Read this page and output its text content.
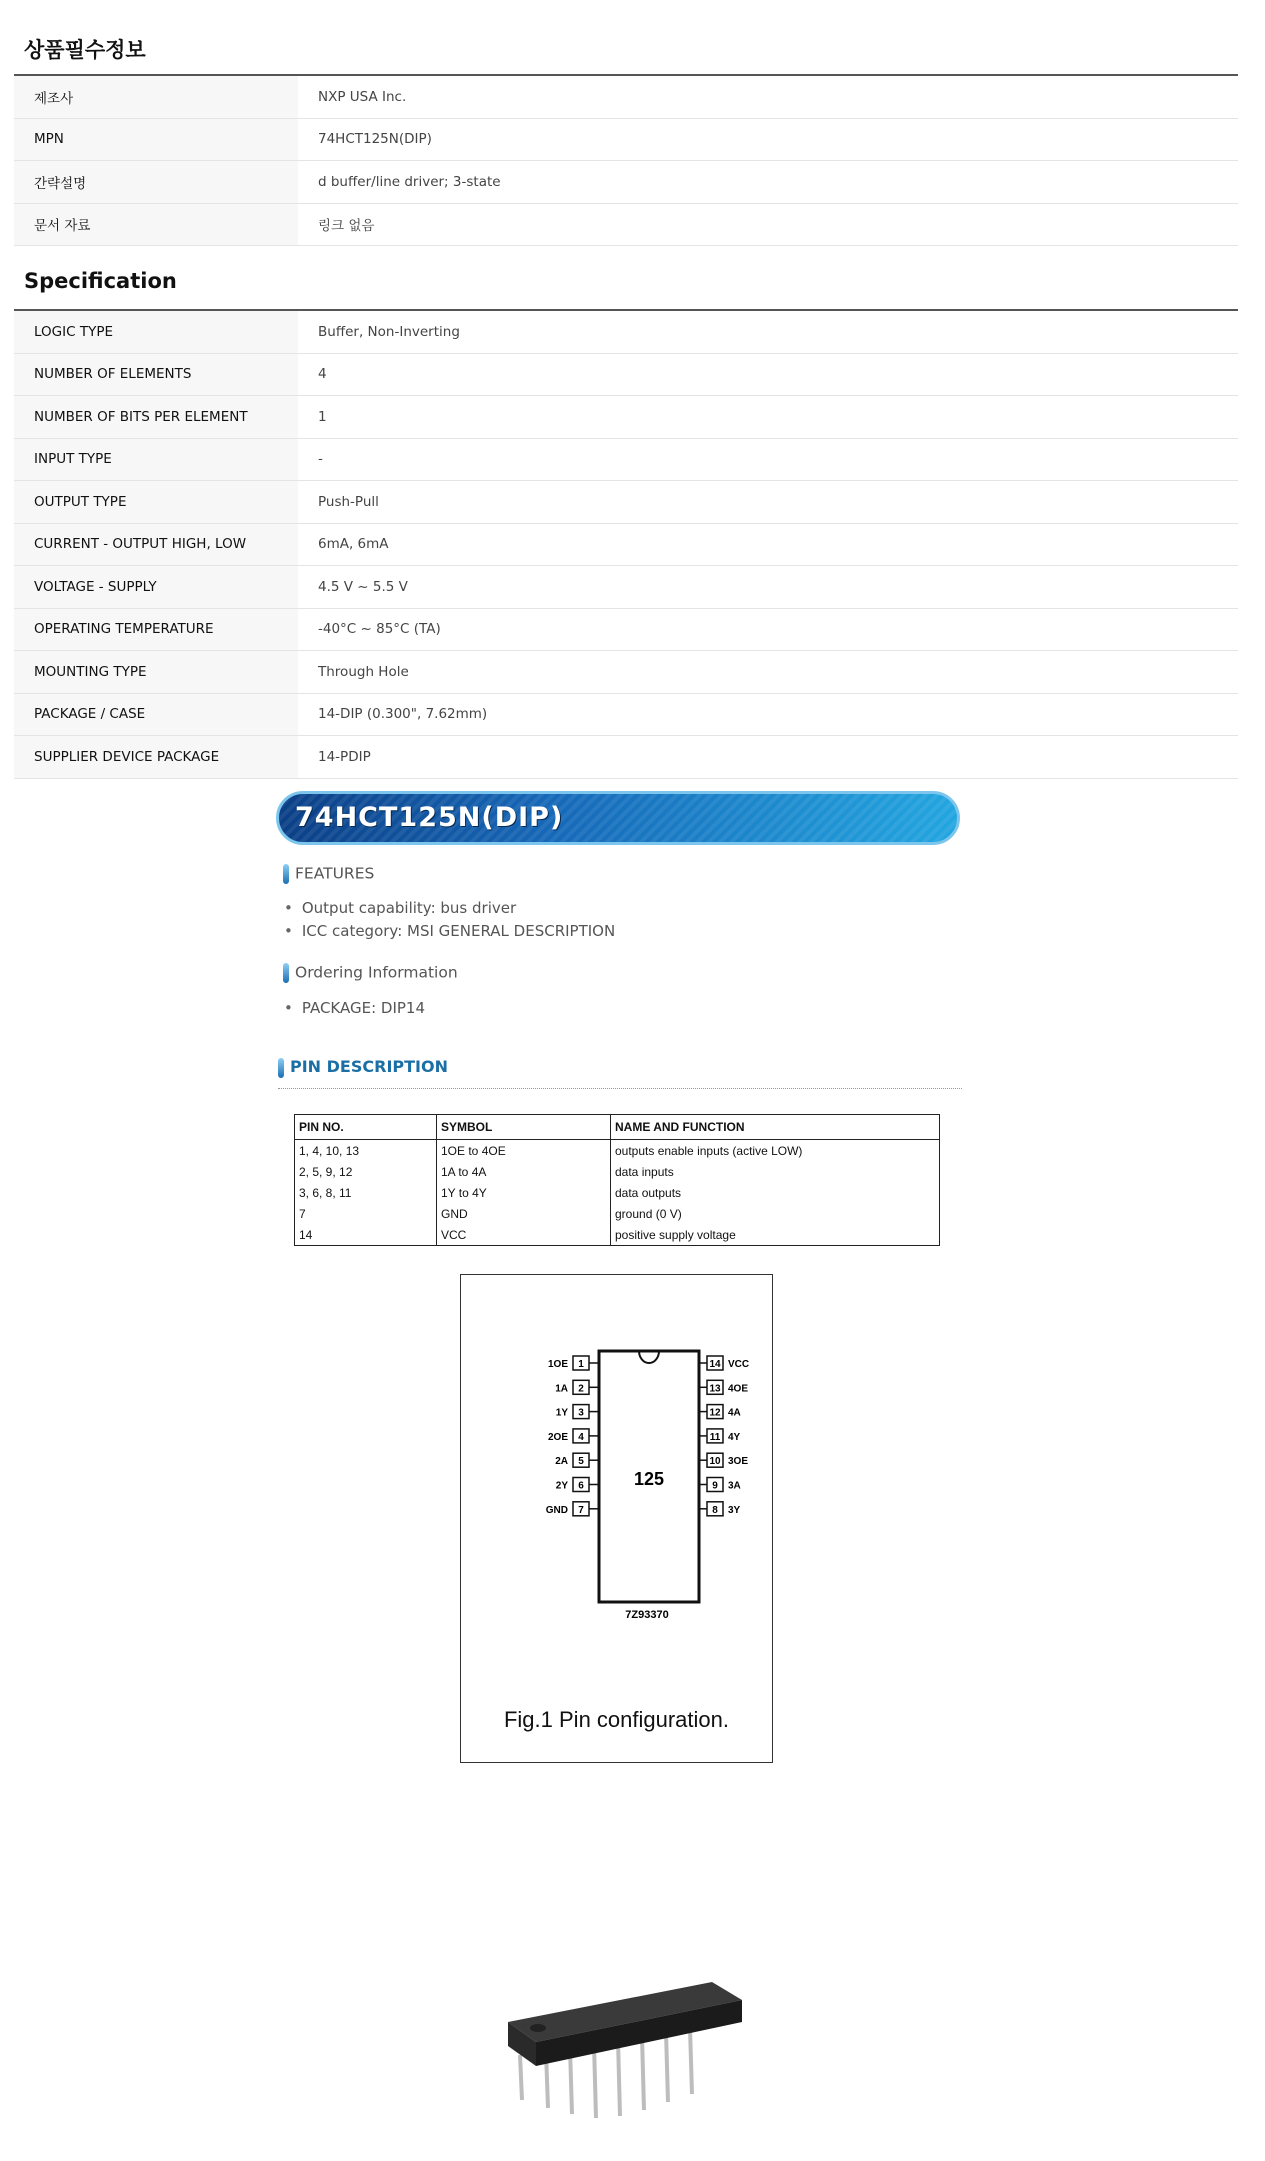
상품필수정보
제조사	NXP USA Inc.
MPN	74HCT125N(DIP)
간략설명	d buffer/line driver; 3-state
문서 자료	링크 없음
Specification
LOGIC TYPE	Buffer, Non-Inverting
NUMBER OF ELEMENTS	4
NUMBER OF BITS PER ELEMENT	1
INPUT TYPE	-
OUTPUT TYPE	Push-Pull
CURRENT - OUTPUT HIGH, LOW	6mA, 6mA
VOLTAGE - SUPPLY	4.5 V ~ 5.5 V
OPERATING TEMPERATURE	-40°C ~ 85°C (TA)
MOUNTING TYPE	Through Hole
PACKAGE / CASE	14-DIP (0.300", 7.62mm)
SUPPLIER DEVICE PACKAGE	14-PDIP
74HCT125N(DIP)
FEATURES
• Output capability: bus driver
• ICC category: MSI GENERAL DESCRIPTION
Ordering Information
• PACKAGE: DIP14
PIN DESCRIPTION
PIN NO.	SYMBOL	NAME AND FUNCTION
1, 4, 10, 13	1OE to 4OE	outputs enable inputs (active LOW)
2, 5, 9, 12	1A to 4A	data inputs
3, 6, 8, 11	1Y to 4Y	data outputs
7	GND	ground (0 V)
14	VCC	positive supply voltage
125
7Z93370
1
1OE
2
1A
3
1Y
4
2OE
5
2A
6
2Y
7
GND
14 VCC
13 4OE
12 4A
11 4Y
10 3OE
9 3A
8 3Y
Fig.1 Pin configuration.
